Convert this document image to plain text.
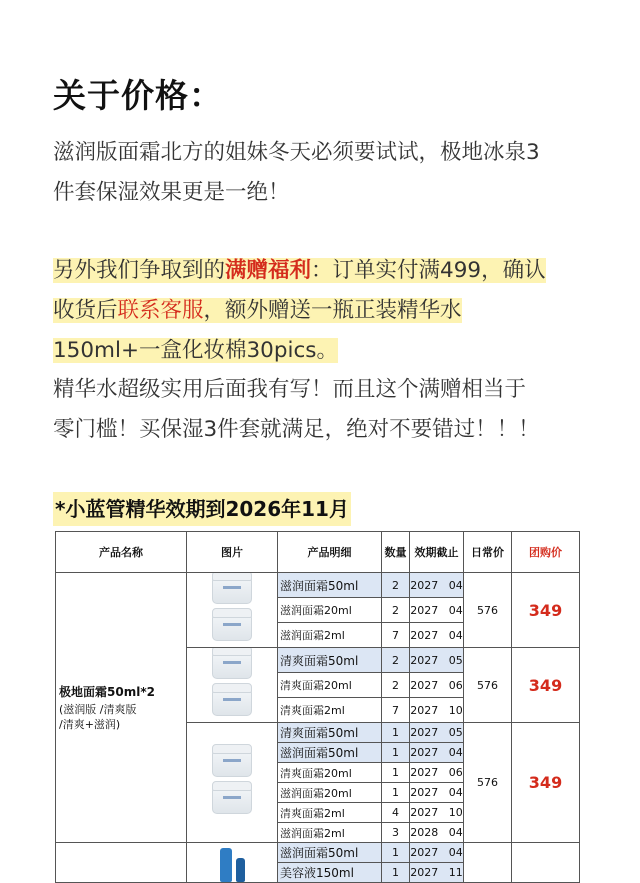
关于价格：
滋润版面霜北方的姐妹冬天必须要试试，极地冰泉3
件套保湿效果更是一绝！
另外我们争取到的满赠福利：订单实付满499，确认
收货后联系客服，额外赠送一瓶正装精华水
150ml+一盒化妆棉30pics。
精华水超级实用后面我有写！而且这个满赠相当于
零门槛！买保湿3件套就满足，绝对不要错过！！！
*小蓝管精华效期到2026年11月
产品名称	图片	产品明细	数量	效期截止	日常价	团购价

极地面霜50ml*2
(滋润版 /清爽版
/清爽+滋润)		滋润面霜50ml	2	2027 04	576	349
		滋润面霜20ml	2	2027 04		
		滋润面霜2ml	7	2027 04		
		清爽面霜50ml	2	2027 05	576	349
		清爽面霜20ml	2	2027 06		
		清爽面霜2ml	7	2027 10		
		清爽面霜50ml	1	2027 05	576	349
		滋润面霜50ml	1	2027 04		
		清爽面霜20ml	1	2027 06		
		滋润面霜20ml	1	2027 04		
		清爽面霜2ml	4	2027 10		
		滋润面霜2ml	3	2028 04		
		滋润面霜50ml	1	2027 04		
		美容液150ml	1	2027 11		
